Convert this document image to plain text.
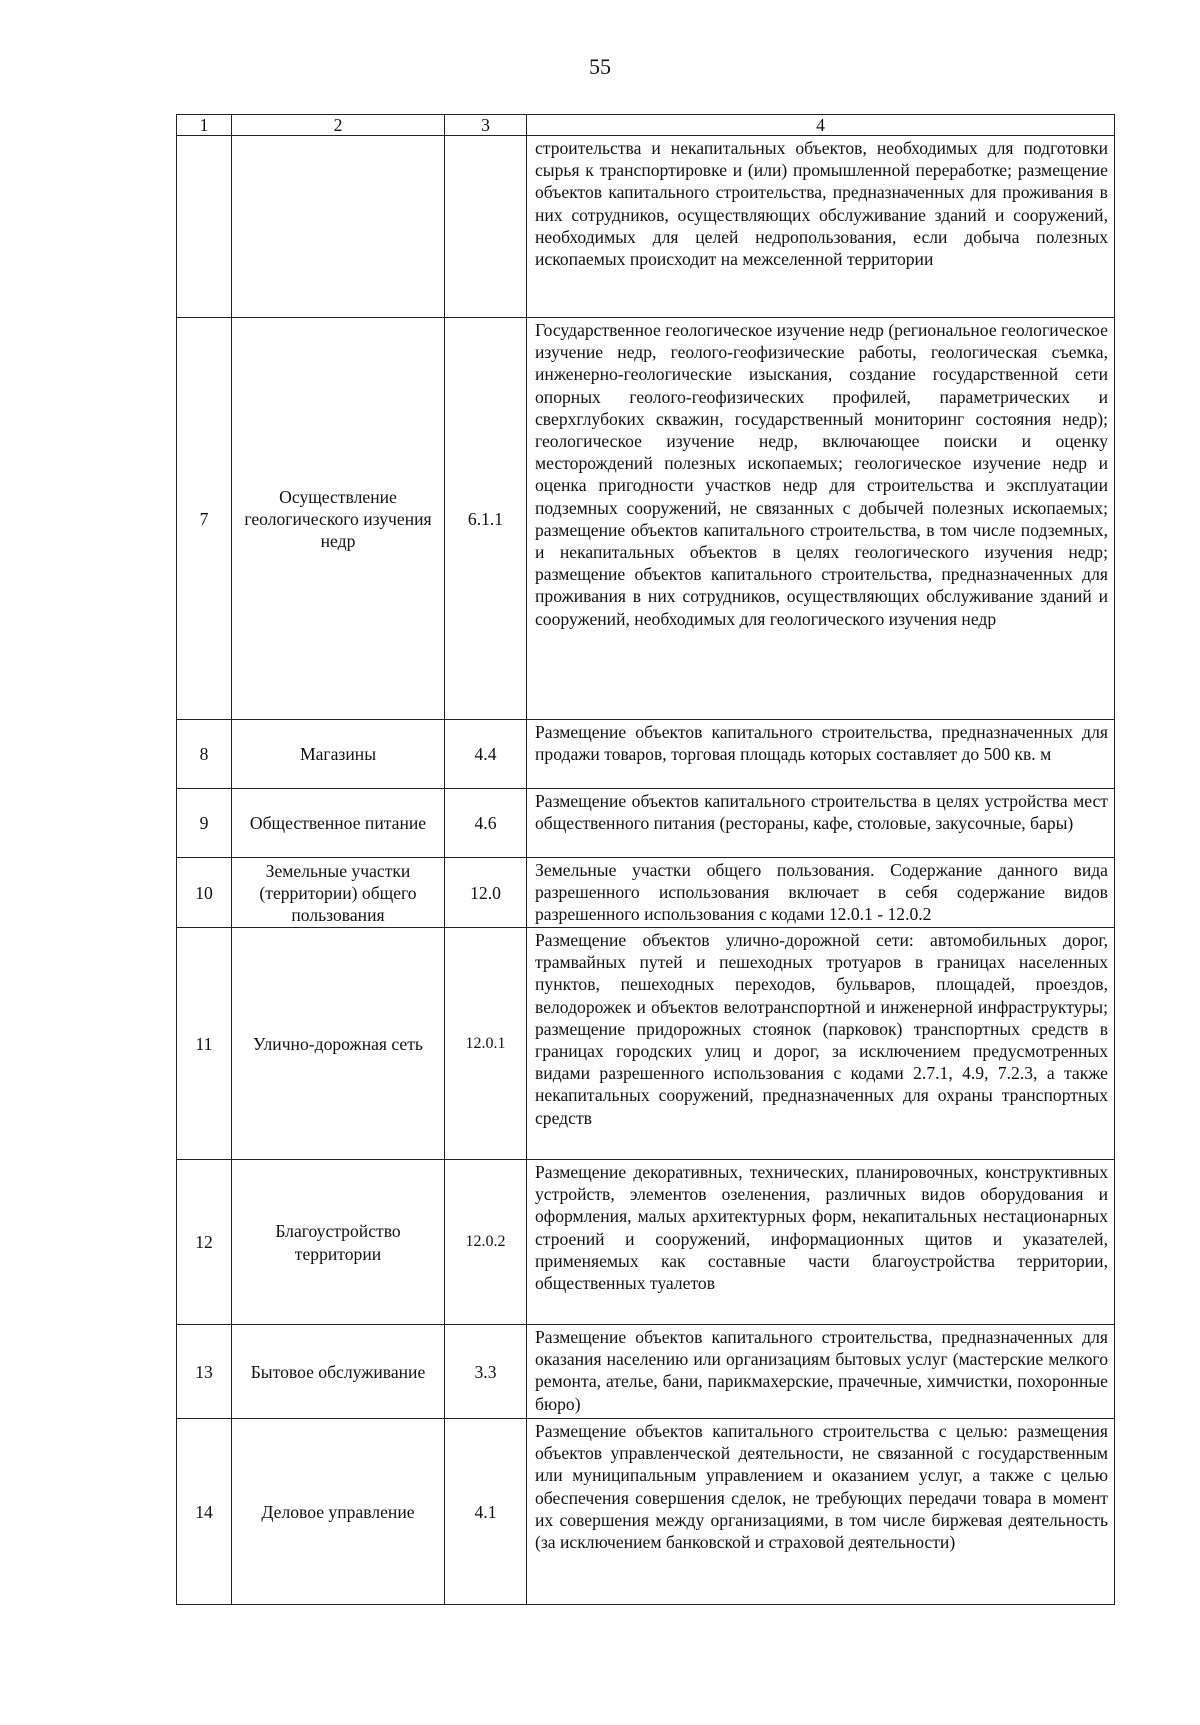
55
1	2	3	4
			строительства и некапитальных объектов, необходимых для подготовки сырья к транспортировке и (или) промышленной переработке; размещение объектов капитального строительства, предназначенных для проживания в них сотрудников, осуществляющих обслуживание зданий и сооружений, необходимых для целей недропользования, если добыча полезных ископаемых происходит на межселенной территории
7	Осуществление геологического изучения недр	6.1.1	Государственное геологическое изучение недр (региональное геологическое изучение недр, геолого-геофизические работы, геологическая съемка, инженерно-геологические изыскания, создание государственной сети опорных геолого-геофизических профилей, параметрических и сверхглубоких скважин, государственный мониторинг состояния недр); геологическое изучение недр, включающее поиски и оценку месторождений полезных ископаемых; геологическое изучение недр и оценка пригодности участков недр для строительства и эксплуатации подземных сооружений, не связанных с добычей полезных ископаемых; размещение объектов капитального строительства, в том числе подземных, и некапитальных объектов в целях геологического изучения недр; размещение объектов капитального строительства, предназначенных для проживания в них сотрудников, осуществляющих обслуживание зданий и сооружений, необходимых для геологического изучения недр
8	Магазины	4.4	Размещение объектов капитального строительства, предназначенных для продажи товаров, торговая площадь которых составляет до 500 кв. м
9	Общественное питание	4.6	Размещение объектов капитального строительства в целях устройства мест общественного питания (рестораны, кафе, столовые, закусочные, бары)
10	Земельные участки (территории) общего пользования	12.0	Земельные участки общего пользования. Содержание данного вида разрешенного использования включает в себя содержание видов разрешенного использования с кодами 12.0.1 - 12.0.2
11	Улично-дорожная сеть	12.0.1	Размещение объектов улично-дорожной сети: автомобильных дорог, трамвайных путей и пешеходных тротуаров в границах населенных пунктов, пешеходных переходов, бульваров, площадей, проездов, велодорожек и объектов велотранспортной и инженерной инфраструктуры; размещение придорожных стоянок (парковок) транспортных средств в границах городских улиц и дорог, за исключением предусмотренных видами разрешенного использования с кодами 2.7.1, 4.9, 7.2.3, а также некапитальных сооружений, предназначенных для охраны транспортных средств
12	Благоустройство территории	12.0.2	Размещение декоративных, технических, планировочных, конструктивных устройств, элементов озеленения, различных видов оборудования и оформления, малых архитектурных форм, некапитальных нестационарных строений и сооружений, информационных щитов и указателей, применяемых как составные части благоустройства территории, общественных туалетов
13	Бытовое обслуживание	3.3	Размещение объектов капитального строительства, предназначенных для оказания населению или организациям бытовых услуг (мастерские мелкого ремонта, ателье, бани, парикмахерские, прачечные, химчистки, похоронные бюро)
14	Деловое управление	4.1	Размещение объектов капитального строительства с целью: размещения объектов управленческой деятельности, не связанной с государственным или муниципальным управлением и оказанием услуг, а также с целью обеспечения совершения сделок, не требующих передачи товара в момент их совершения между организациями, в том числе биржевая деятельность (за исключением банковской и страховой деятельности)
